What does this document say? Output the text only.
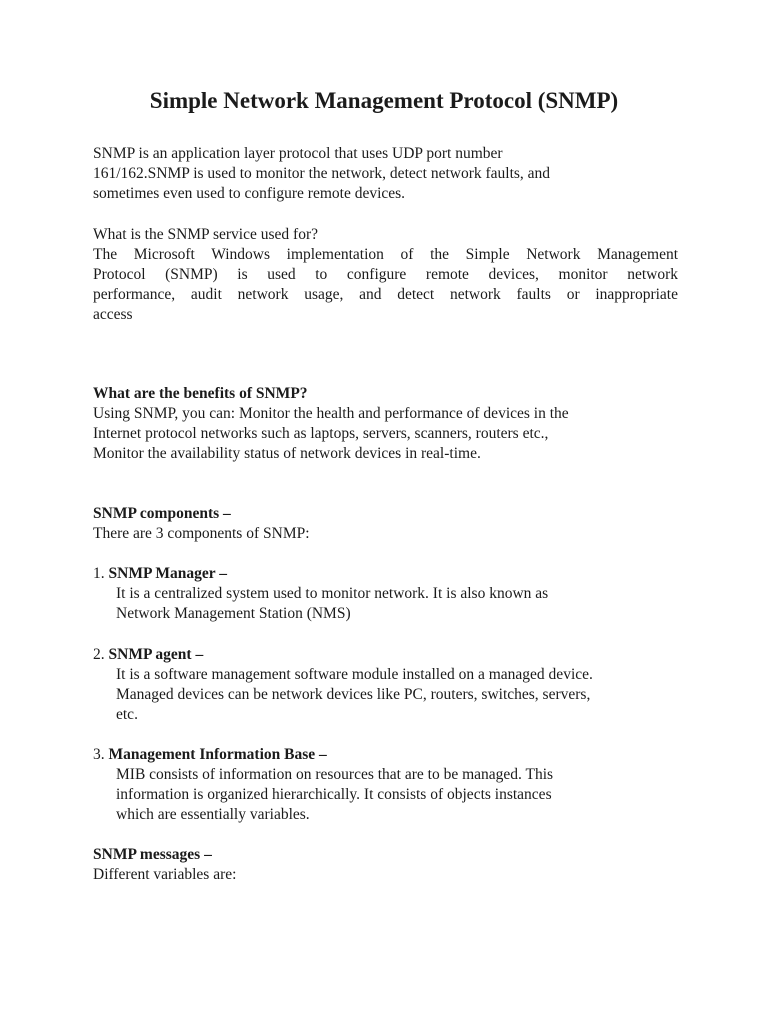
Simple Network Management Protocol (SNMP)
SNMP is an application layer protocol that uses UDP port number
161/162.SNMP is used to monitor the network, detect network faults, and
sometimes even used to configure remote devices.
What is the SNMP service used for?
The Microsoft Windows implementation of the Simple Network Management
Protocol (SNMP) is used to configure remote devices, monitor network
performance, audit network usage, and detect network faults or inappropriate
access
What are the benefits of SNMP?
Using SNMP, you can: Monitor the health and performance of devices in the
Internet protocol networks such as laptops, servers, scanners, routers etc.,
Monitor the availability status of network devices in real-time.
SNMP components –
There are 3 components of SNMP:
1. SNMP Manager –
It is a centralized system used to monitor network. It is also known as
Network Management Station (NMS)
2. SNMP agent –
It is a software management software module installed on a managed device.
Managed devices can be network devices like PC, routers, switches, servers,
etc.
3. Management Information Base –
MIB consists of information on resources that are to be managed. This
information is organized hierarchically. It consists of objects instances
which are essentially variables.
SNMP messages –
Different variables are:
